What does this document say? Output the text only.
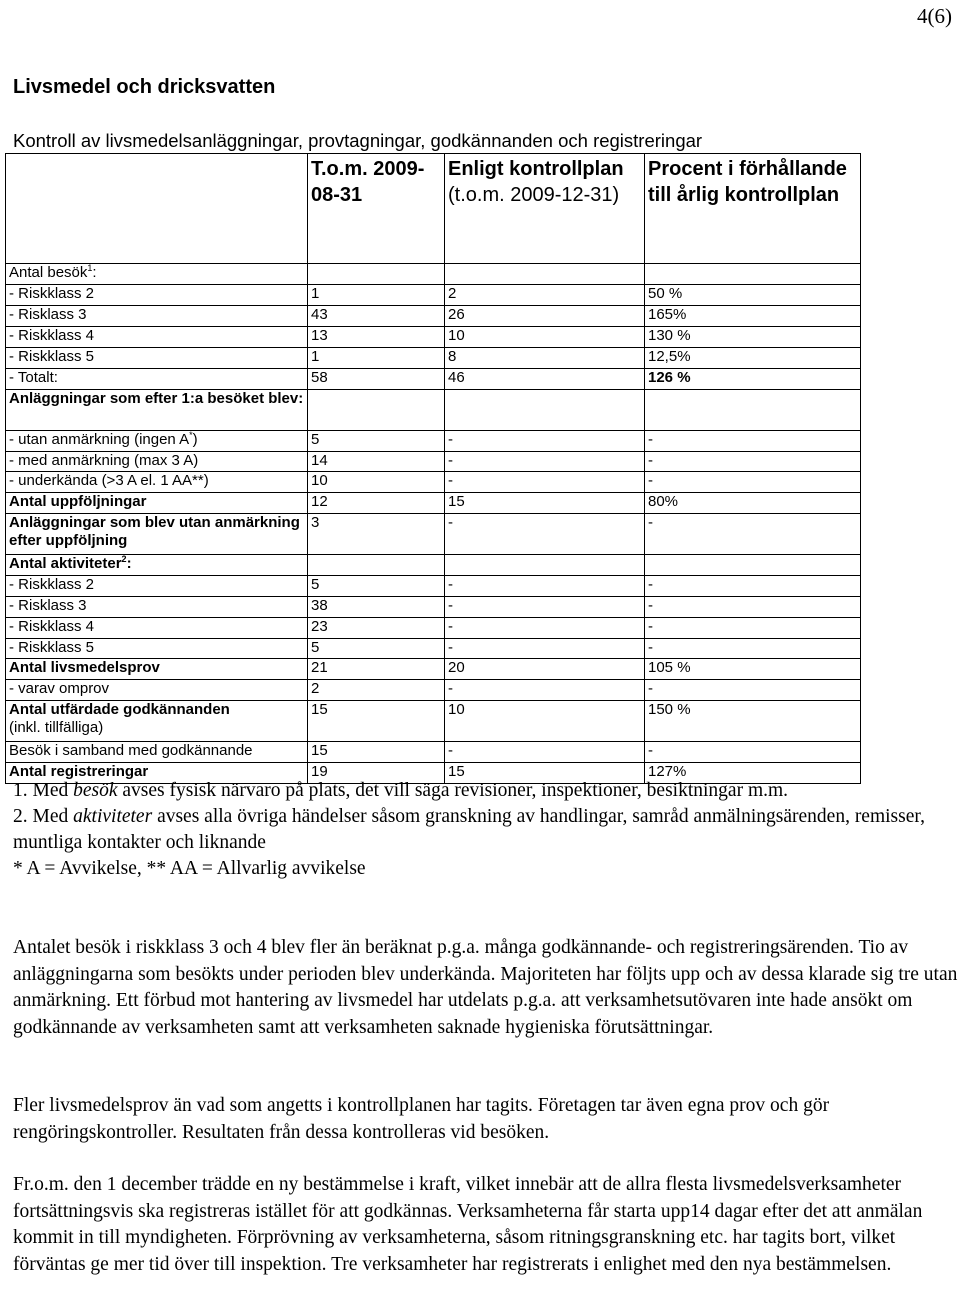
4(6)
Livsmedel och dricksvatten
Kontroll av livsmedelsanläggningar, provtagningar, godkännanden och registreringar
	T.o.m. 2009-08-31	Enligt kontrollplan (t.o.m. 2009-12-31)	Procent i förhållande till årlig kontrollplan
Antal besök$^1$:			
- Riskklass 2	1	2	50 %
- Risklass 3	43	26	165%
- Riskklass 4	13	10	130 %
- Riskklass 5	1	8	12,5%
- Totalt:	58	46	126 %
Anläggningar som efter 1:a besöket blev:			
- utan anmärkning (ingen A*)	5	-	-
- med anmärkning (max 3 A)	14	-	-
- underkända (>3 A el. 1 AA**)	10	-	-
Antal uppföljningar	12	15	80%
Anläggningar som blev utan anmärkning efter uppföljning	3	-	-
Antal aktiviteter$^2$:			
- Riskklass 2	5	-	-
- Risklass 3	38	-	-
- Riskklass 4	23	-	-
- Riskklass 5	5	-	-
Antal livsmedelsprov	21	20	105 %
- varav omprov	2	-	-
Antal utfärdade godkännanden
(inkl. tillfälliga)	15	10	150 %
Besök i samband med godkännande	15	-	-
Antal registreringar	19	15	127%
1. Med besök avses fysisk närvaro på plats, det vill säga revisioner, inspektioner, besiktningar m.m.
2. Med aktiviteter avses alla övriga händelser såsom granskning av handlingar, samråd anmälningsärenden, remisser, muntliga kontakter och liknande
* A = Avvikelse, ** AA = Allvarlig avvikelse
Antalet besök i riskklass 3 och 4 blev fler än beräknat p.g.a. många godkännande- och registreringsärenden. Tio av anläggningarna som besökts under perioden blev underkända. Majoriteten har följts upp och av dessa klarade sig tre utan anmärkning. Ett förbud mot hantering av livsmedel har utdelats p.g.a. att verksamhetsutövaren inte hade ansökt om godkännande av verksamheten samt att verksamheten saknade hygieniska förutsättningar.
Fler livsmedelsprov än vad som angetts i kontrollplanen har tagits. Företagen tar även egna prov och gör rengöringskontroller. Resultaten från dessa kontrolleras vid besöken.
Fr.o.m. den 1 december trädde en ny bestämmelse i kraft, vilket innebär att de allra flesta livsmedelsverksamheter fortsättningsvis ska registreras istället för att godkännas. Verksamheterna får starta upp14 dagar efter det att anmälan kommit in till myndigheten. Förprövning av verksamheterna, såsom ritningsgranskning etc. har tagits bort, vilket förväntas ge mer tid över till inspektion. Tre verksamheter har registrerats i enlighet med den nya bestämmelsen.
